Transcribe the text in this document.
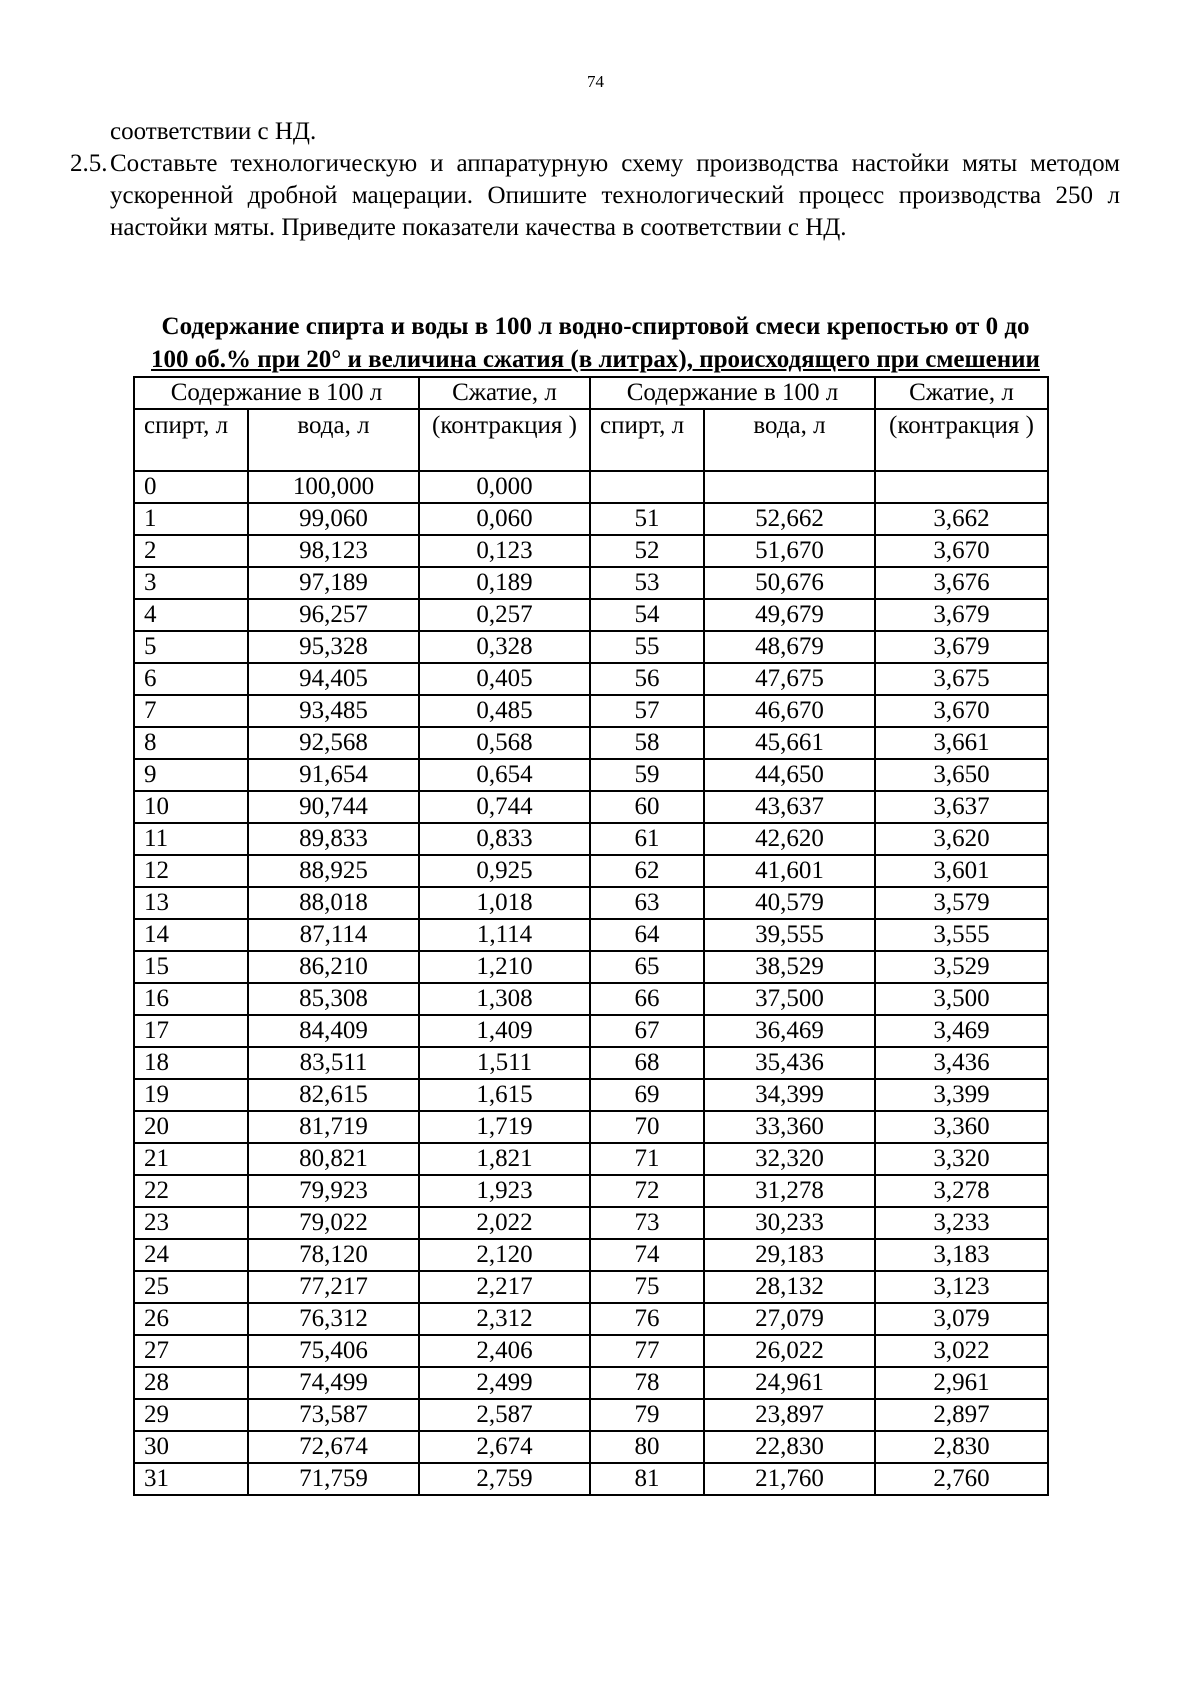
74
соответствии с НД.
2.5. Составьте технологическую и аппаратурную схему производства настойки мяты методом ускоренной дробной мацерации. Опишите технологический процесс производства 250 л настойки мяты. Приведите показатели качества в соответствии с НД.
Содержание спирта и воды в 100 л водно-спиртовой смеси крепостью от 0 до
100 об.% при 20° и величина сжатия (в литрах), происходящего при смешении
Содержание в 100 л		Сжатие, л	Содержание в 100 л		Сжатие, л
спирт, л	вода, л	(контракция )	спирт, л	вода, л	(контракция )
0	100,000	0,000			
1	99,060	0,060	51	52,662	3,662
2	98,123	0,123	52	51,670	3,670
3	97,189	0,189	53	50,676	3,676
4	96,257	0,257	54	49,679	3,679
5	95,328	0,328	55	48,679	3,679
6	94,405	0,405	56	47,675	3,675
7	93,485	0,485	57	46,670	3,670
8	92,568	0,568	58	45,661	3,661
9	91,654	0,654	59	44,650	3,650
10	90,744	0,744	60	43,637	3,637
11	89,833	0,833	61	42,620	3,620
12	88,925	0,925	62	41,601	3,601
13	88,018	1,018	63	40,579	3,579
14	87,114	1,114	64	39,555	3,555
15	86,210	1,210	65	38,529	3,529
16	85,308	1,308	66	37,500	3,500
17	84,409	1,409	67	36,469	3,469
18	83,511	1,511	68	35,436	3,436
19	82,615	1,615	69	34,399	3,399
20	81,719	1,719	70	33,360	3,360
21	80,821	1,821	71	32,320	3,320
22	79,923	1,923	72	31,278	3,278
23	79,022	2,022	73	30,233	3,233
24	78,120	2,120	74	29,183	3,183
25	77,217	2,217	75	28,132	3,123
26	76,312	2,312	76	27,079	3,079
27	75,406	2,406	77	26,022	3,022
28	74,499	2,499	78	24,961	2,961
29	73,587	2,587	79	23,897	2,897
30	72,674	2,674	80	22,830	2,830
31	71,759	2,759	81	21,760	2,760
